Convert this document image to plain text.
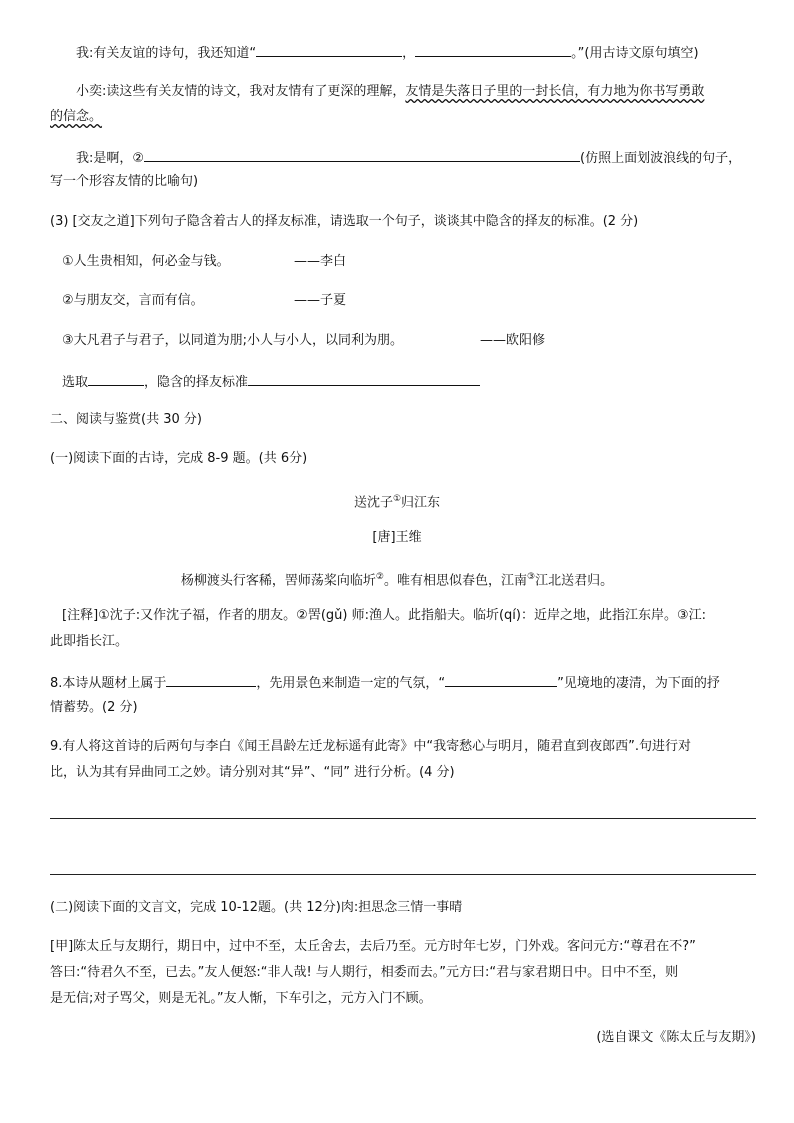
我:有关友谊的诗句，我还知道“	，	。”(用古诗文原句填空)
小奕:读这些有关友情的诗文，我对友情有了更深的理解，友情是失落日子里的一封长信，有力地为你书写勇敢
的信念。
我:是啊，②	(仿照上面划波浪线的句子，
写一个形容友情的比喻句)
(3) [交友之道]下列句子隐含着古人的择友标准，请选取一个句子，谈谈其中隐含的择友的标准。(2 分)
①人生贵相知，何必金与钱。	——李白
②与朋友交，言而有信。	——子夏
③大凡君子与君子，以同道为朋;小人与小人，以同利为朋。	——欧阳修
选取	，隐含的择友标准
二、阅读与鉴赏(共 30 分)
(一)阅读下面的古诗，完成 8-9 题。(共 6分)
送沈子①归江东
[唐]王维
杨柳渡头行客稀，罟师荡桨向临圻②。唯有相思似春色，江南③江北送君归。
[注释]①沈子:又作沈子福，作者的朋友。②罟(gǔ) 师:渔人。此指船夫。临圻(qí)：近岸之地，此指江东岸。③江:
此即指长江。
8.本诗从题材上属于	，先用景色来制造一定的气氛，“	”见境地的凄清，为下面的抒
情蓄势。(2 分)
9.有人将这首诗的后两句与李白《闻王昌龄左迁龙标遥有此寄》中“我寄愁心与明月，随君直到夜郎西”.句进行对
比，认为其有异曲同工之妙。请分别对其“异”、“同” 进行分析。(4 分)
(二)阅读下面的文言文，完成 10-12题。(共 12分)肉:担思念三情一事晴
[甲]陈太丘与友期行，期日中，过中不至，太丘舍去，去后乃至。元方时年七岁，门外戏。客问元方:“尊君在不?”
答曰:“待君久不至，已去。”友人便怒:“非人哉! 与人期行，相委而去。”元方曰:“君与家君期日中。日中不至，则
是无信;对子骂父，则是无礼。”友人惭，下车引之，元方入门不顾。
(选自课文《陈太丘与友期》)
